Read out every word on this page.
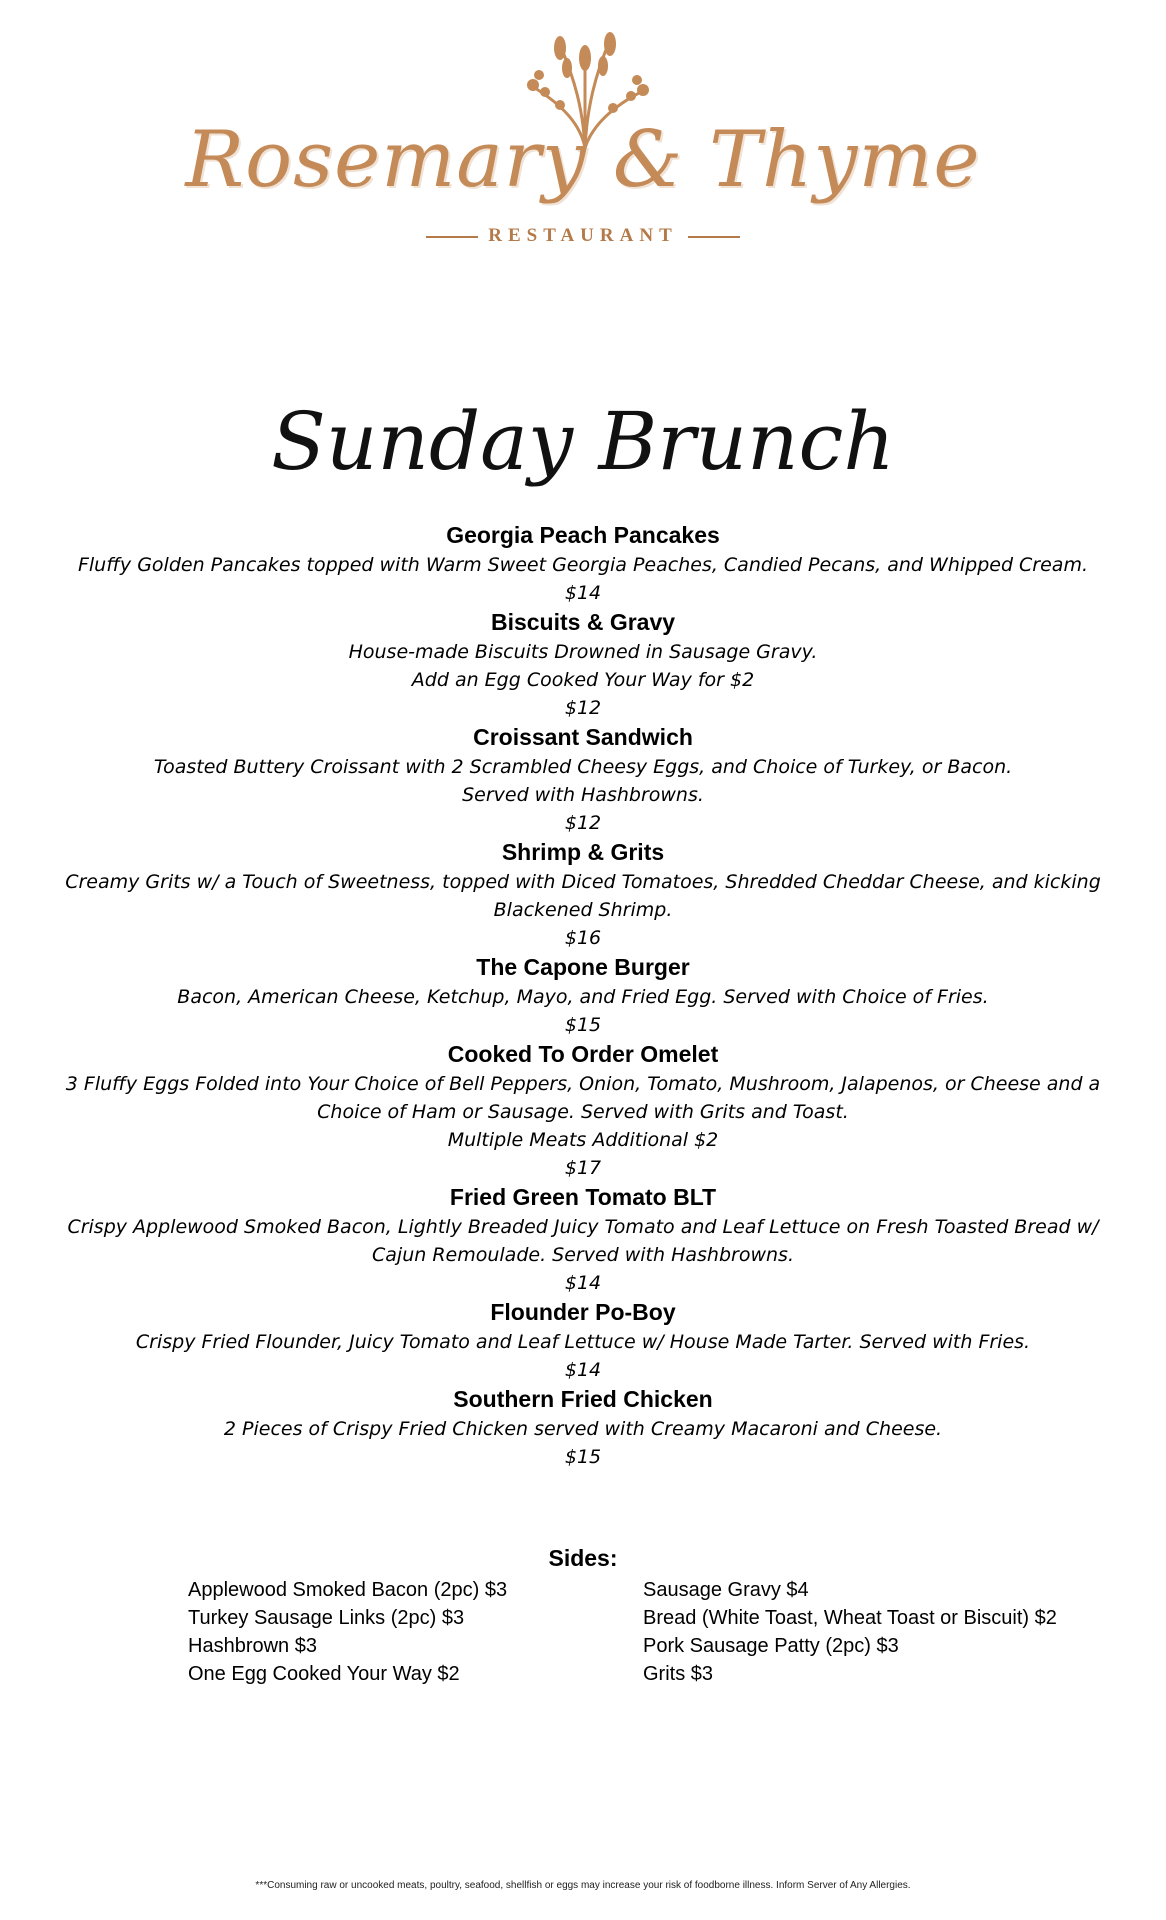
Rosemary & Thyme
RESTAURANT
Sunday Brunch
Georgia Peach Pancakes
Fluffy Golden Pancakes topped with Warm Sweet Georgia Peaches, Candied Pecans, and Whipped Cream.
$14
Biscuits & Gravy
House-made Biscuits Drowned in Sausage Gravy.
Add an Egg Cooked Your Way for $2
$12
Croissant Sandwich
Toasted Buttery Croissant with 2 Scrambled Cheesy Eggs, and Choice of Turkey, or Bacon.
Served with Hashbrowns.
$12
Shrimp & Grits
Creamy Grits w/ a Touch of Sweetness, topped with Diced Tomatoes, Shredded Cheddar Cheese, and kicking
Blackened Shrimp.
$16
The Capone Burger
Bacon, American Cheese, Ketchup, Mayo, and Fried Egg. Served with Choice of Fries.
$15
Cooked To Order Omelet
3 Fluffy Eggs Folded into Your Choice of Bell Peppers, Onion, Tomato, Mushroom, Jalapenos, or Cheese and a
Choice of Ham or Sausage. Served with Grits and Toast.
Multiple Meats Additional $2
$17
Fried Green Tomato BLT
Crispy Applewood Smoked Bacon, Lightly Breaded Juicy Tomato and Leaf Lettuce on Fresh Toasted Bread w/
Cajun Remoulade. Served with Hashbrowns.
$14
Flounder Po-Boy
Crispy Fried Flounder, Juicy Tomato and Leaf Lettuce w/ House Made Tarter. Served with Fries.
$14
Southern Fried Chicken
2 Pieces of Crispy Fried Chicken served with Creamy Macaroni and Cheese.
$15
Sides:
Applewood Smoked Bacon (2pc) $3
Turkey Sausage Links (2pc) $3
Hashbrown $3
One Egg Cooked Your Way $2
Sausage Gravy $4
Bread (White Toast, Wheat Toast or Biscuit) $2
Pork Sausage Patty (2pc) $3
Grits $3
***Consuming raw or uncooked meats, poultry, seafood, shellfish or eggs may increase your risk of foodborne illness. Inform Server of Any Allergies.
